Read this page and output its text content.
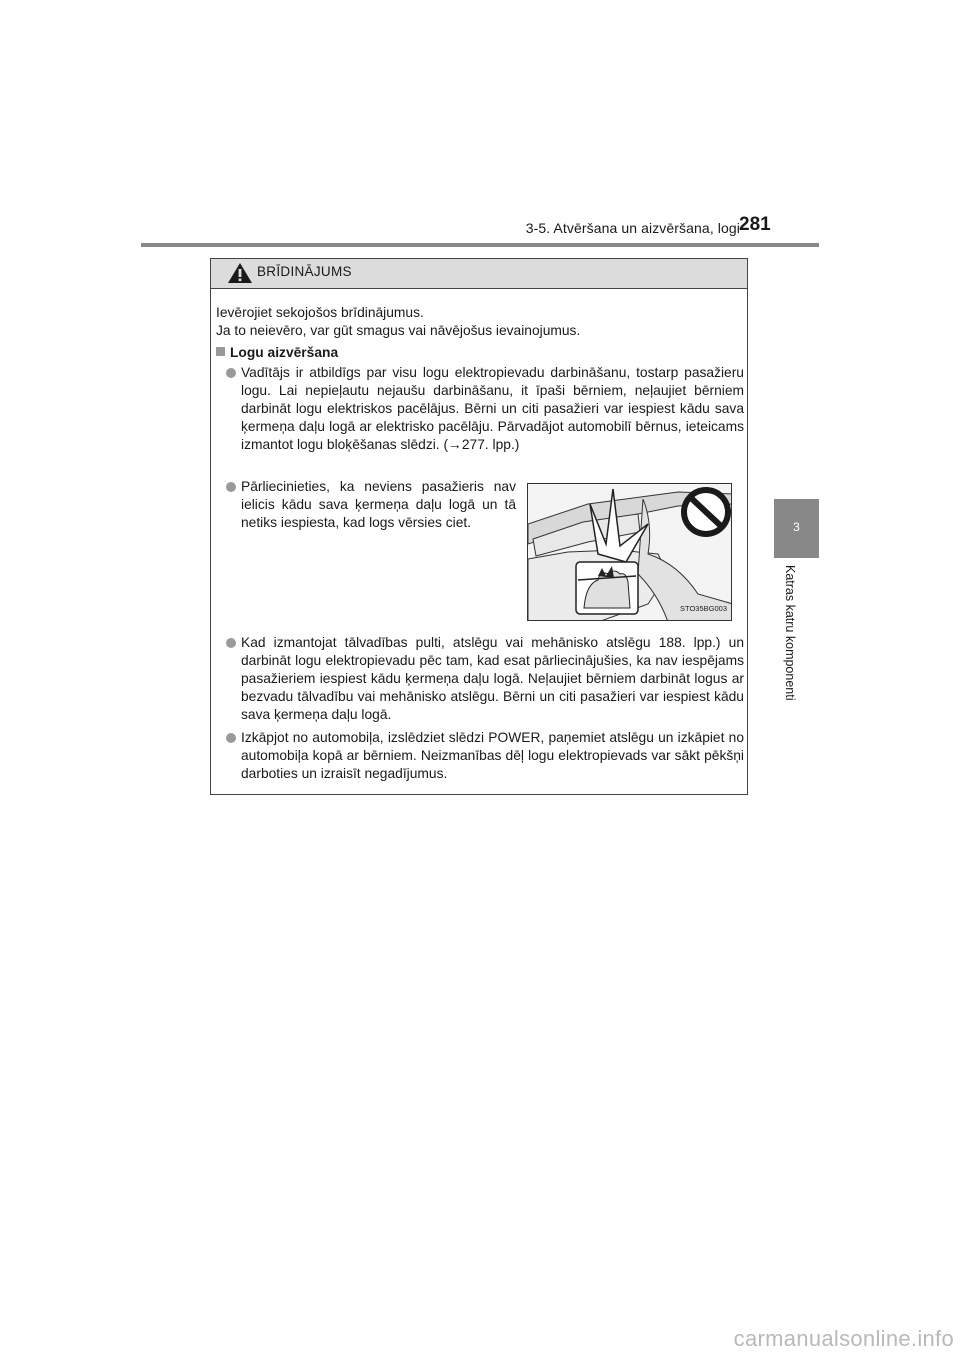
3-5. Atvēršana un aizvēršana, logi 281
3
Katras katru komponenti
BRĪDINĀJUMS
Ievērojiet sekojošos brīdinājumus.
Ja to neievēro, var gūt smagus vai nāvējošus ievainojumus.
Logu aizvēršana
Vadītājs ir atbildīgs par visu logu elektropievadu darbināšanu, tostarp pasažieru logu. Lai nepieļautu nejaušu darbināšanu, it īpaši bērniem, neļaujiet bērniem darbināt logu elektriskos pacēlājus. Bērni un citi pasažieri var iespiest kādu sava ķermeņa daļu logā ar elektrisko pacēlāju. Pārvadājot automobilī bērnus, ieteicams izmantot logu bloķēšanas slēdzi. (→277. lpp.)
Pārliecinieties, ka neviens pasažieris nav ielicis kādu sava ķermeņa daļu logā un tā netiks iespiesta, kad logs vērsies ciet.
STO35BG003
Kad izmantojat tālvadības pulti, atslēgu vai mehānisko atslēgu 188. lpp.) un darbināt logu elektropievadu pēc tam, kad esat pārliecinājušies, ka nav iespējams pasažieriem iespiest kādu ķermeņa daļu logā. Neļaujiet bērniem darbināt logus ar bezvadu tālvadību vai mehānisko atslēgu. Bērni un citi pasažieri var iespiest kādu sava ķermeņa daļu logā.
Izkāpjot no automobiļa, izslēdziet slēdzi POWER, paņemiet atslēgu un izkāpiet no automobiļa kopā ar bērniem. Neizmanības dēļ logu elektropievads var sākt pēkšņi darboties un izraisīt negadījumus.
carmanualsonline.info
